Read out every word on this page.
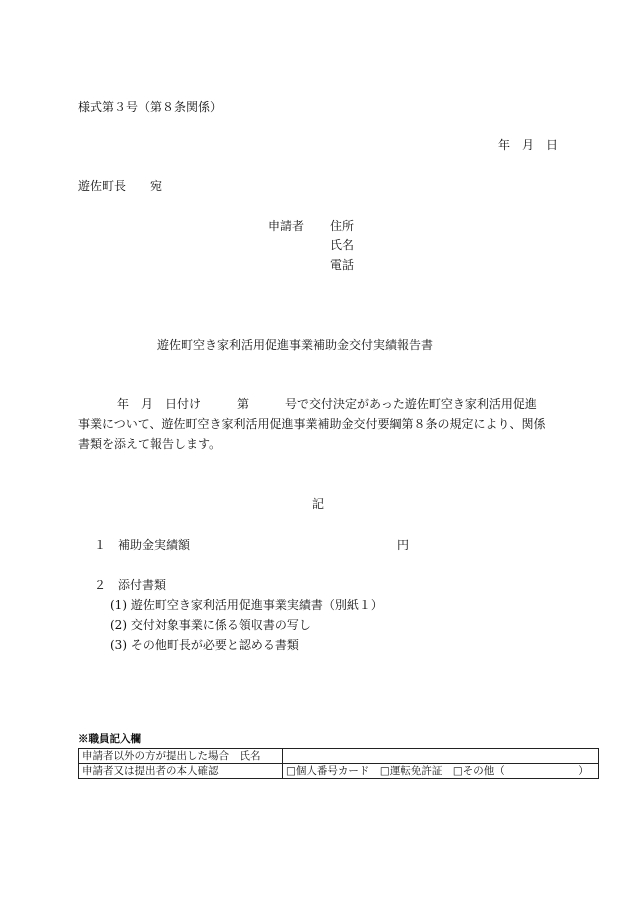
様式第３号（第８条関係）
年　月　日
遊佐町長　　宛
申請者 住所
氏名
電話
遊佐町空き家利活用促進事業補助金交付実績報告書
年　月　日付け　　　第　　　号で交付決定があった遊佐町空き家利活用促進
事業について、遊佐町空き家利活用促進事業補助金交付要綱第８条の規定により、関係
書類を添えて報告します。
記
１　補助金実績額	円
２　添付書類
(1) 遊佐町空き家利活用促進事業実績書（別紙１）
(2) 交付対象事業に係る領収書の写し
(3) その他町長が必要と認める書類
※職員記入欄
申請者以外の方が提出した場合　氏名	
申請者又は提出者の本人確認	□個人番号カード　□運転免許証　□その他（　　　　　　　）
